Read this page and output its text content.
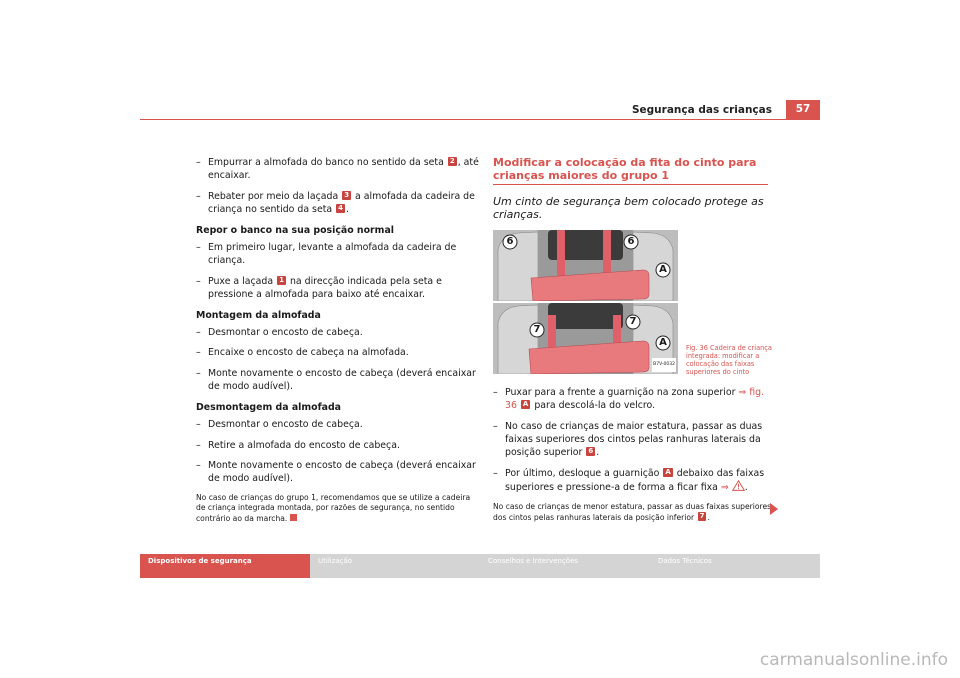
Segurança das crianças	57
– Empurrar a almofada do banco no sentido da seta 2 , até encaixar.
– Rebater por meio da laçada 3 a almofada da cadeira de criança no sentido da seta 4 .
Repor o banco na sua posição normal
– Em primeiro lugar, levante a almofada da cadeira de criança.
– Puxe a laçada 1 na direcção indicada pela seta e pressione a almofada para baixo até encaixar.
Montagem da almofada
– Desmontar o encosto de cabeça.
– Encaixe o encosto de cabeça na almofada.
– Monte novamente o encosto de cabeça (deverá encaixar de modo audível).
Desmontagem da almofada
– Desmontar o encosto de cabeça.
– Retire a almofada do encosto de cabeça.
– Monte novamente o encosto de cabeça (deverá encaixar de modo audível).
No caso de crianças do grupo 1, recomendamos que se utilize a cadeira de criança integrada montada, por razões de segurança, no sentido contrário ao da marcha.
Modificar a colocação da fita do cinto para crianças maiores do grupo 1
Um cinto de segurança bem colocado protege as crianças.
6	6
A
7
7
A
B7V-0032
Fig. 36 Cadeira de criança integrada: modificar a colocação das faixas superiores do cinto
– Puxar para a frente a guarnição na zona superior ⇒ fig. 36 A para descolá-la do velcro.
– No caso de crianças de maior estatura, passar as duas faixas superiores dos cintos pelas ranhuras laterais da posição superior 6 .
– Por último, desloque a guarnição A debaixo das faixas superiores e pressione-a de forma a ficar fixa ⇒ .
No caso de crianças de menor estatura, passar as duas faixas superiores dos cintos pelas ranhuras laterais da posição inferior 7 .
Dispositivos de segurança	Utilização	Conselhos e Intervenções	Dados Técnicos
carmanualsonline.info
